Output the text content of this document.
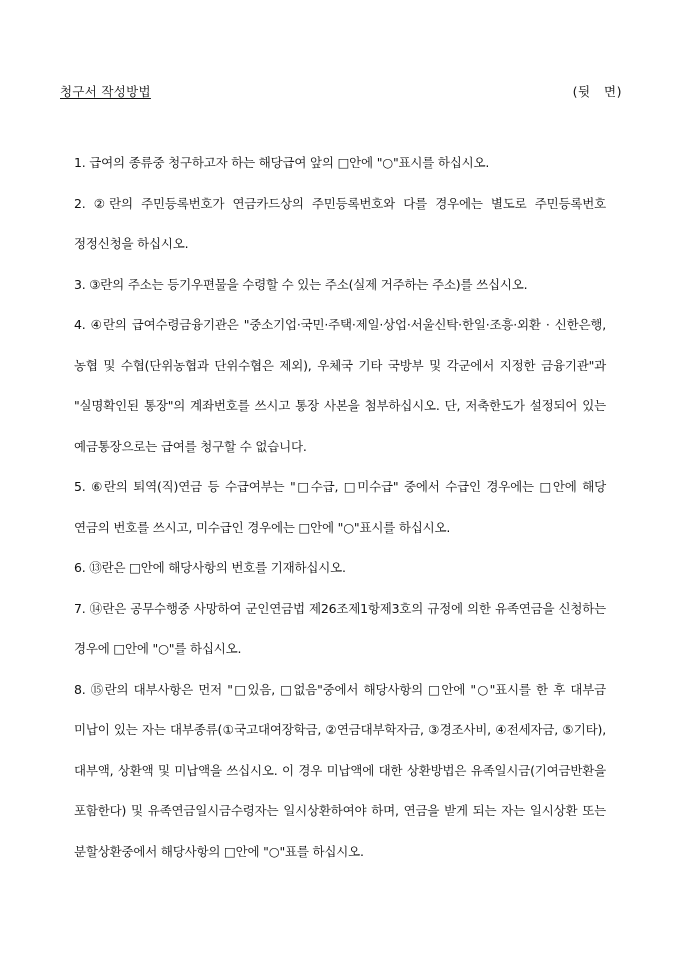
청구서 작성방법	(뒷   면)

1. 급여의 종류중 청구하고자 하는 해당급여 앞의 □안에 "○"표시를 하십시오.

2. ②란의 주민등록번호가 연금카드상의 주민등록번호와 다를 경우에는 별도로 주민등록번호 정정신청을 하십시오.

3. ③란의 주소는 등기우편물을 수령할 수 있는 주소(실제 거주하는 주소)를 쓰십시오.

4. ④란의 급여수령금융기관은 "중소기업·국민·주택·제일·상업·서울신탁·한일·조흥·외환 · 신한은행, 농협 및 수협(단위농협과 단위수협은 제외), 우체국 기타 국방부 및 각군에서 지정한 금융기관"과 "실명확인된 통장"의 계좌번호를 쓰시고 통장 사본을 첨부하십시오. 단, 저축한도가 설정되어 있는 예금통장으로는 급여를 청구할 수 없습니다.

5. ⑥란의 퇴역(직)연금 등 수급여부는 "□수급, □미수급" 중에서 수급인 경우에는 □안에 해당 연금의 번호를 쓰시고, 미수급인 경우에는 □안에 "○"표시를 하십시오.

6. ⑬란은 □안에 해당사항의 번호를 기재하십시오.

7. ⑭란은 공무수행중 사망하여 군인연금법 제26조제1항제3호의 규정에 의한 유족연금을 신청하는 경우에 □안에 "○"를 하십시오.

8. ⑮란의 대부사항은 먼저 "□있음, □없음"중에서 해당사항의 □안에 "○"표시를 한 후 대부금 미납이 있는 자는 대부종류(①국고대여장학금, ②연금대부학자금, ③경조사비, ④전세자금, ⑤기타), 대부액, 상환액 및 미납액을 쓰십시오. 이 경우 미납액에 대한 상환방법은 유족일시금(기여금반환을 포함한다) 및 유족연금일시금수령자는 일시상환하여야 하며, 연금을 받게 되는 자는 일시상환 또는 분할상환중에서 해당사항의 □안에 "○"표를 하십시오.
